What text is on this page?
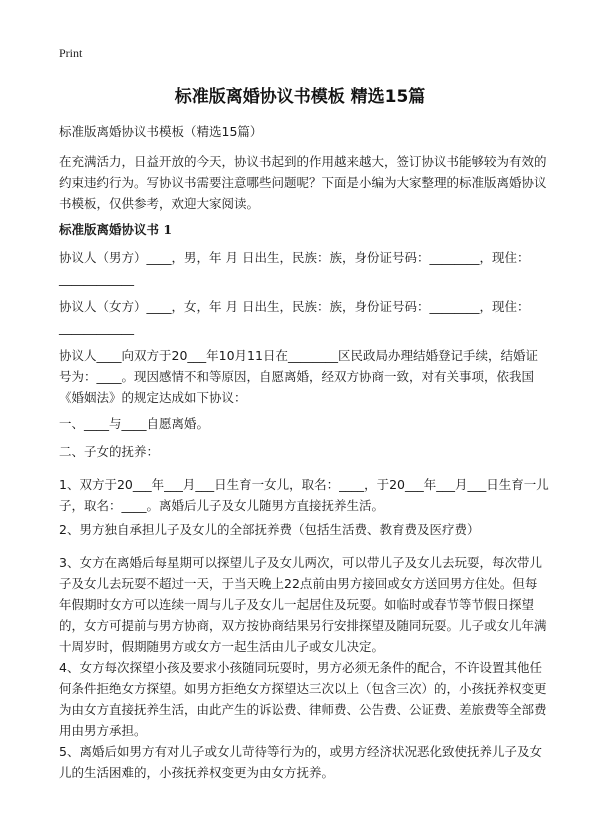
Print
标准版离婚协议书模板 精选15篇
标准版离婚协议书模板（精选15篇）

在充满活力，日益开放的今天，协议书起到的作用越来越大，签订协议书能够较为有效的约束违约行为。写协议书需要注意哪些问题呢？下面是小编为大家整理的标准版离婚协议书模板，仅供参考，欢迎大家阅读。

标准版离婚协议书 1

协议人（男方）____，男，年 月 日出生，民族：族，身份证号码：________，现住：____________

协议人（女方）____，女，年 月 日出生，民族：族，身份证号码：________，现住：____________

协议人____向双方于20___年10月11日在________区民政局办理结婚登记手续，结婚证号为：____。现因感情不和等原因，自愿离婚，经双方协商一致，对有关事项，依我国《婚姻法》的规定达成如下协议：

一、____与____自愿离婚。

二、子女的抚养：

1、双方于20___年___月___日生育一女儿，取名：____，于20___年___月___日生育一儿子，取名：____。离婚后儿子及女儿随男方直接抚养生活。

2、男方独自承担儿子及女儿的全部抚养费（包括生活费、教育费及医疗费）

3、女方在离婚后每星期可以探望儿子及女儿两次，可以带儿子及女儿去玩耍，每次带儿子及女儿去玩耍不超过一天，于当天晚上22点前由男方接回或女方送回男方住处。但每年假期时女方可以连续一周与儿子及女儿一起居住及玩耍。如临时或春节等节假日探望的，女方可提前与男方协商，双方按协商结果另行安排探望及随同玩耍。儿子或女儿年满十周岁时，假期随男方或女方一起生活由儿子或女儿决定。

4、女方每次探望小孩及要求小孩随同玩耍时，男方必须无条件的配合，不许设置其他任何条件拒绝女方探望。如男方拒绝女方探望达三次以上（包含三次）的，小孩抚养权变更为由女方直接抚养生活，由此产生的诉讼费、律师费、公告费、公证费、差旅费等全部费用由男方承担。

5、离婚后如男方有对儿子或女儿苛待等行为的，或男方经济状况恶化致使抚养儿子及女儿的生活困难的，小孩抚养权变更为由女方抚养。
